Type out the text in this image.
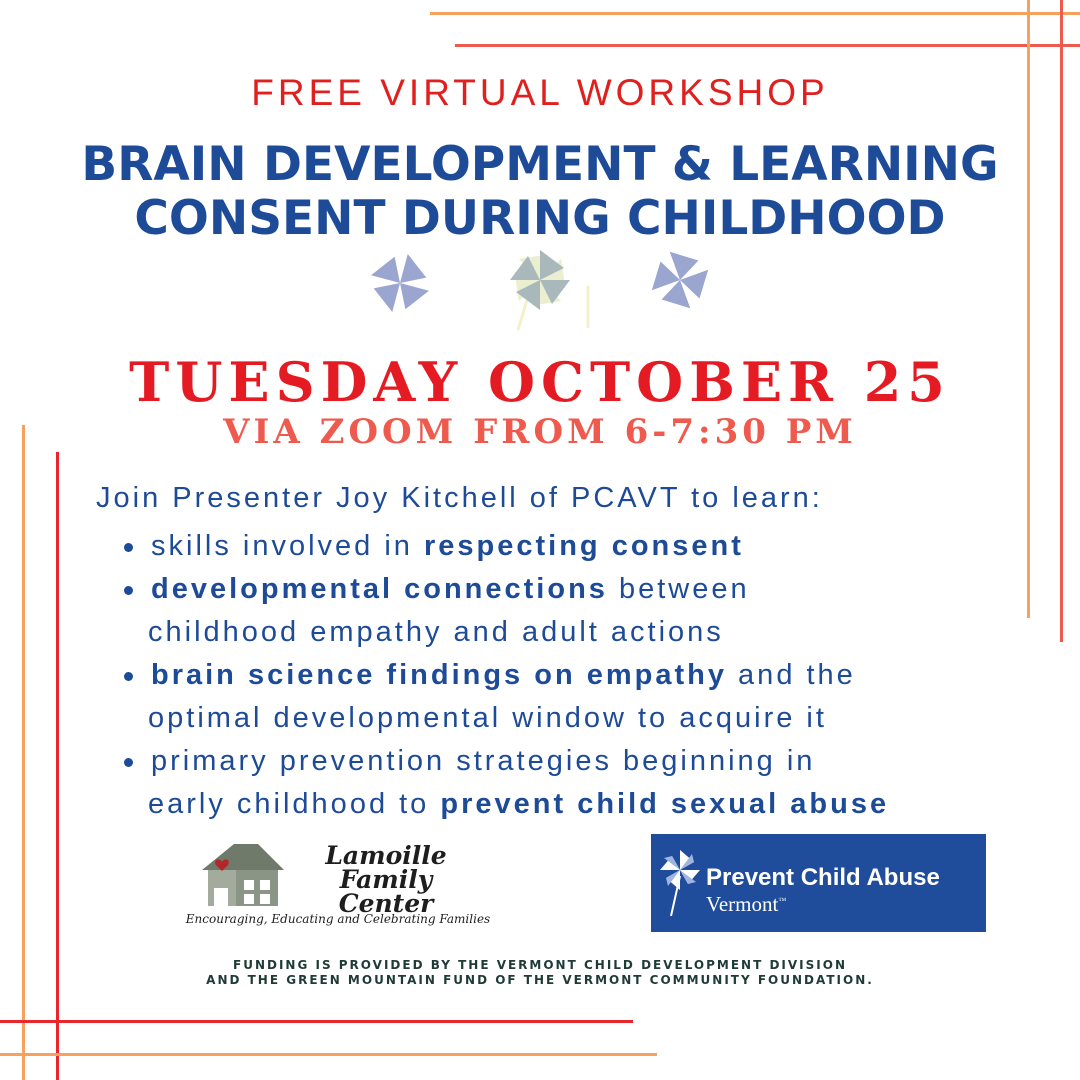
FREE VIRTUAL WORKSHOP
BRAIN DEVELOPMENT & LEARNING
CONSENT DURING CHILDHOOD
TUESDAY OCTOBER 25
VIA ZOOM FROM 6-7:30 PM
Join Presenter Joy Kitchell of PCAVT to learn:
skills involved in respecting consent
developmental connections between
childhood empathy and adult actions
brain science findings on empathy and the
optimal developmental window to acquire it
primary prevention strategies beginning in
early childhood to prevent child sexual abuse
Lamoille Family
Center
Encouraging, Educating and Celebrating Families
Prevent Child Abuse
Vermont™
FUNDING IS PROVIDED BY THE VERMONT CHILD DEVELOPMENT DIVISION
AND THE GREEN MOUNTAIN FUND OF THE VERMONT COMMUNITY FOUNDATION.
